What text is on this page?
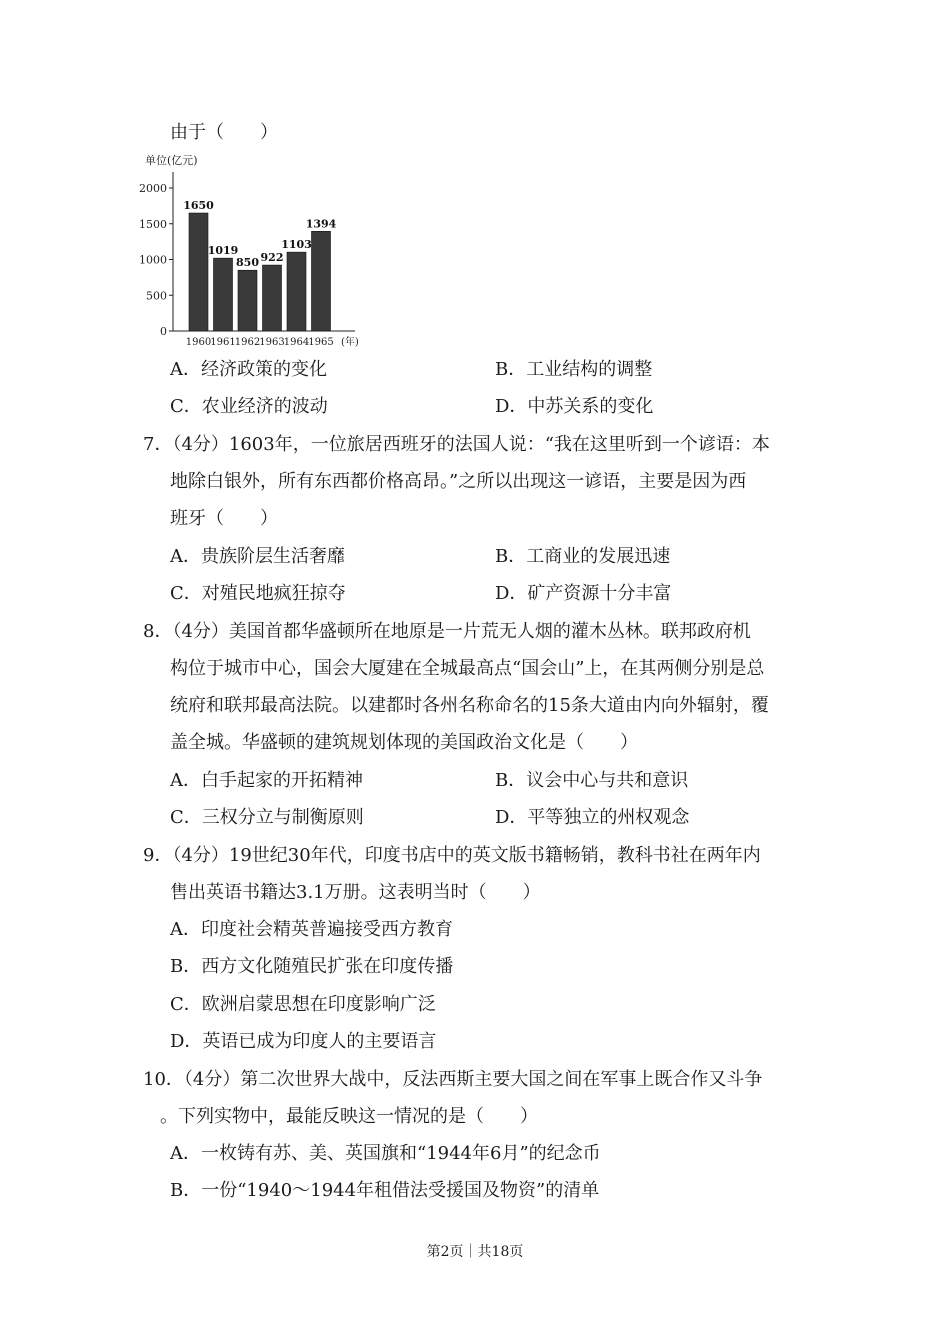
由于（　　）
单位(亿元)
0
500
1000
1500
2000
1650
1960
1019
1961
850
1962
922
1963
1103
1964
1394
1965 (年)
A．经济政策的变化	B．工业结构的调整
C．农业经济的波动	D．中苏关系的变化
7．（4分）1603年，一位旅居西班牙的法国人说：“我在这里听到一个谚语：本
地除白银外，所有东西都价格高昂。”之所以出现这一谚语，主要是因为西
班牙（　　）
A．贵族阶层生活奢靡	B．工商业的发展迅速
C．对殖民地疯狂掠夺	D．矿产资源十分丰富
8．（4分）美国首都华盛顿所在地原是一片荒无人烟的灌木丛林。联邦政府机
构位于城市中心，国会大厦建在全城最高点“国会山”上，在其两侧分别是总
统府和联邦最高法院。以建都时各州名称命名的15条大道由内向外辐射，覆
盖全城。华盛顿的建筑规划体现的美国政治文化是（　　）
A．白手起家的开拓精神	B．议会中心与共和意识
C．三权分立与制衡原则	D．平等独立的州权观念
9．（4分）19世纪30年代，印度书店中的英文版书籍畅销，教科书社在两年内
售出英语书籍达3.1万册。这表明当时（　　）
A．印度社会精英普遍接受西方教育
B．西方文化随殖民扩张在印度传播
C．欧洲启蒙思想在印度影响广泛
D．英语已成为印度人的主要语言
10．（4分）第二次世界大战中，反法西斯主要大国之间在军事上既合作又斗争
。下列实物中，最能反映这一情况的是（　　）
A．一枚铸有苏、美、英国旗和“1944年6月”的纪念币
B．一份“1940～1944年租借法受援国及物资”的清单
第2页｜共18页
